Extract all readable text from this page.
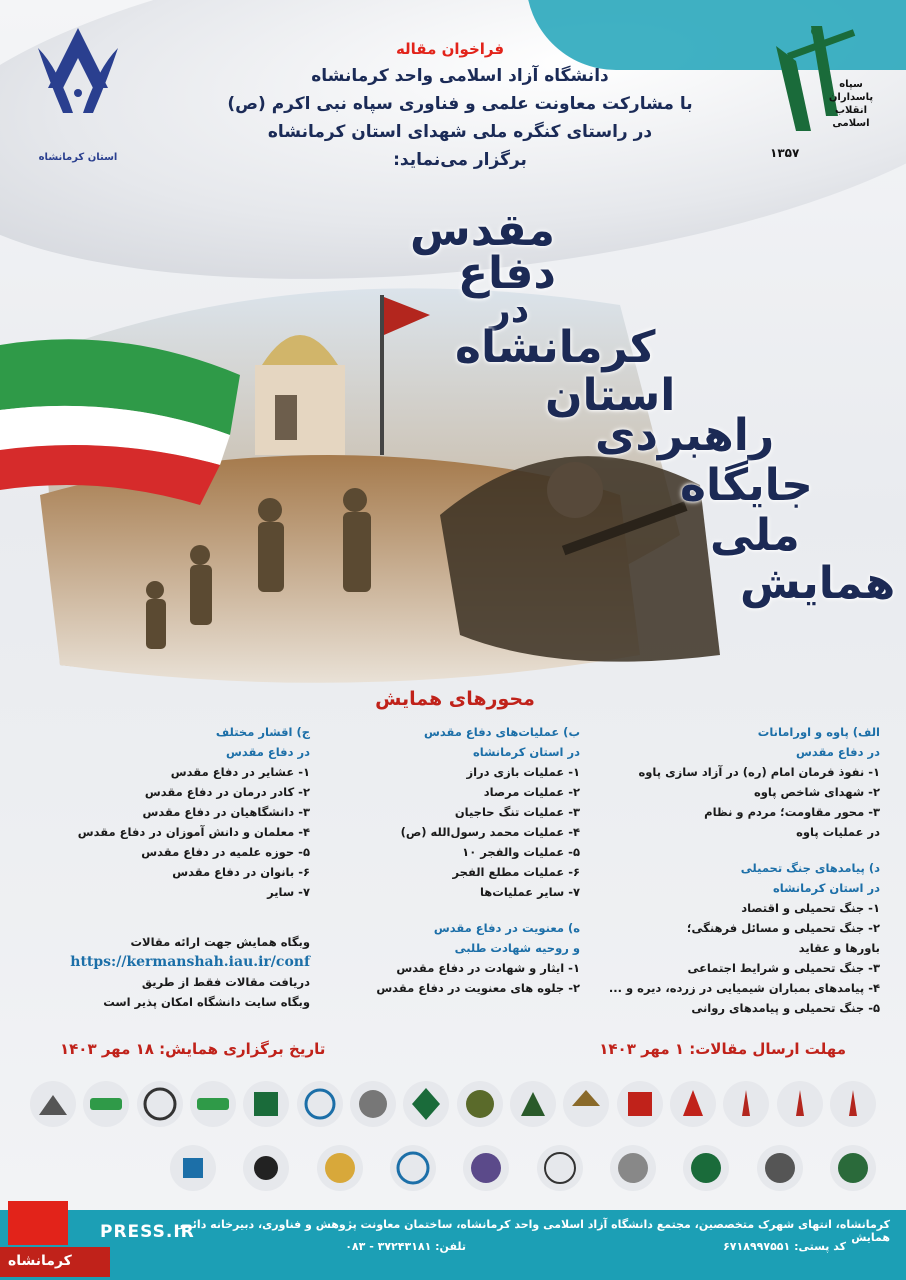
استان کرمانشاه
سپاه
پاسداران
انقلاب
اسلامی
۱۳۵۷
فراخوان مقاله
دانشگاه آزاد اسلامی واحد کرمانشاه
با مشارکت معاونت علمی و فناوری سپاه نبی اکرم (ص)
در راستای کنگره ملی شهدای استان کرمانشاه
برگزار می‌نماید:
مقدس
دفاع
در
کرمانشاه
استان
راهبردی
جایگاه
ملی
همایش
محورهای همایش
الف) پاوه و اورامانات
در دفاع مقدس
۱- نفوذ فرمان امام (ره) در آزاد سازی پاوه
۲- شهدای شاخص پاوه
۳- محور مقاومت؛ مردم و نظام
در عملیات پاوه
د) پیامدهای جنگ تحمیلی
در استان کرمانشاه
۱- جنگ تحمیلی و اقتصاد
۲- جنگ تحمیلی و مسائل فرهنگی؛
باورها و عقاید
۳- جنگ تحمیلی و شرایط اجتماعی
۴- پیامدهای بمباران شیمیایی در زرده، دیره و ...
۵- جنگ تحمیلی و پیامدهای روانی
ب) عملیات‌های دفاع مقدس
در استان کرمانشاه
۱- عملیات بازی دراز
۲- عملیات مرصاد
۳- عملیات تنگ حاجیان
۴- عملیات محمد رسول‌الله (ص)
۵- عملیات والفجر ۱۰
۶- عملیات مطلع الفجر
۷- سایر عملیات‌ها
ه) معنویت در دفاع مقدس
و روحیه شهادت طلبی
۱- ایثار و شهادت در دفاع مقدس
۲- جلوه های معنویت در دفاع مقدس
ج) اقشار مختلف
در دفاع مقدس
۱- عشایر در دفاع مقدس
۲- کادر درمان در دفاع مقدس
۳- دانشگاهیان در دفاع مقدس
۴- معلمان و دانش آموزان در دفاع مقدس
۵- حوزه علمیه در دفاع مقدس
۶- بانوان در دفاع مقدس
۷- سایر
وبگاه همایش جهت ارائه مقالات
https://kermanshah.iau.ir/conf
دریافت مقالات فقط از طریق
وبگاه سایت دانشگاه امکان پذیر است
مهلت ارسال مقالات: ۱ مهر ۱۴۰۳
تاریخ برگزاری همایش: ۱۸ مهر ۱۴۰۳
کرمانشاه، انتهای شهرک متخصصین، مجتمع دانشگاه آزاد اسلامی واحد کرمانشاه، ساختمان معاونت پژوهش و فناوری، دبیرخانه دائمی همایش
کد پستی: ۶۷۱۸۹۹۷۵۵۱
تلفن: ۳۷۲۴۳۱۸۱ - ۰۸۳
کرمانشاه
PRESS.IR
